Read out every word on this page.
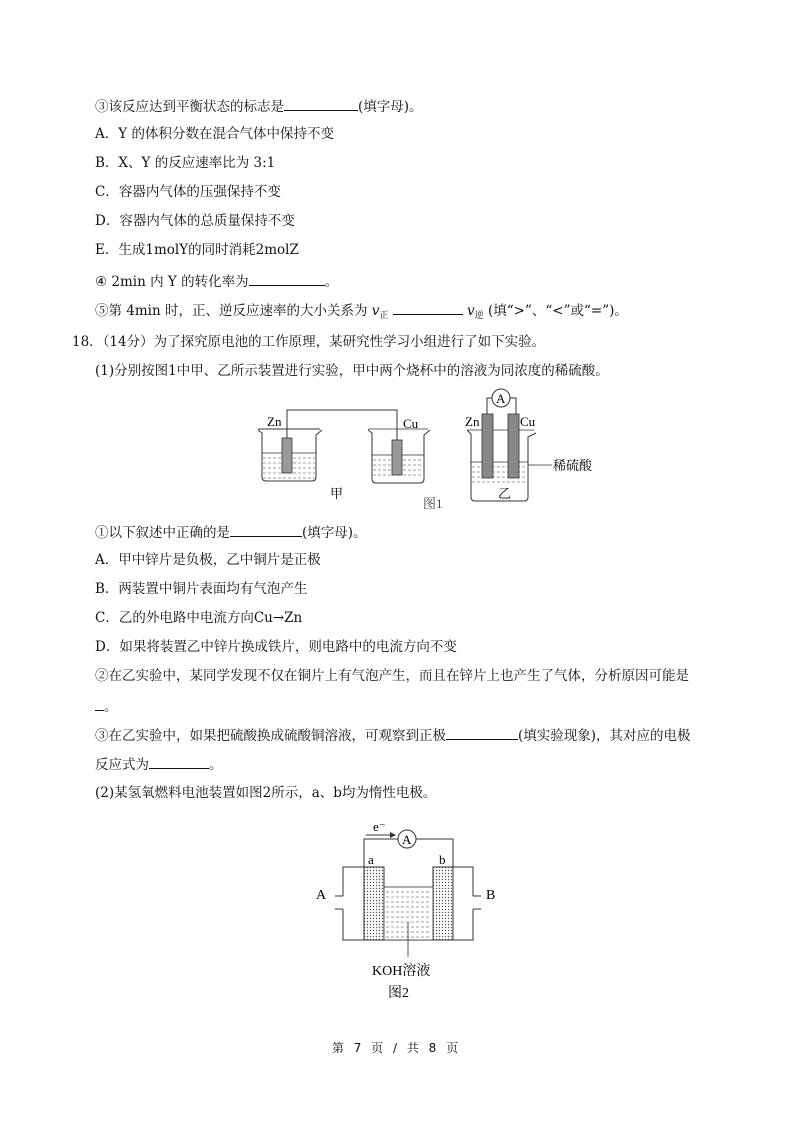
③该反应达到平衡状态的标志是	(填字母)。
A．Y 的体积分数在混合气体中保持不变
B．X、Y 的反应速率比为 3:1
C．容器内气体的压强保持不变
D．容器内气体的总质量保持不变
E．生成1molY的同时消耗2molZ
④ 2min 内 Y 的转化率为	。
⑤第 4min 时，正、逆反应速率的大小关系为 $v_正$	$v_逆$ (填“>”、“<”或“=”)。
18．（14分）为了探究原电池的工作原理，某研究性学习小组进行了如下实验。
(1)分别按图1中甲、乙所示装置进行实验，甲中两个烧杯中的溶液为同浓度的稀硫酸。
Zn	Cu
甲
图1
A
Zn	Cu
稀硫酸
乙
①以下叙述中正确的是	(填字母)。
A．甲中锌片是负极，乙中铜片是正极
B．两装置中铜片表面均有气泡产生
C．乙的外电路中电流方向Cu→Zn
D．如果将装置乙中锌片换成铁片，则电路中的电流方向不变
②在乙实验中，某同学发现不仅在铜片上有气泡产生，而且在锌片上也产生了气体，分析原因可能是
。
③在乙实验中，如果把硫酸换成硫酸铜溶液，可观察到正极	(填实验现象)，其对应的电极
反应式为	。
(2)某氢氧燃料电池装置如图2所示，a、b均为惰性电极。
A
e⁻
a	b
A	B
KOH溶液
图2
第 7 页 / 共 8 页
